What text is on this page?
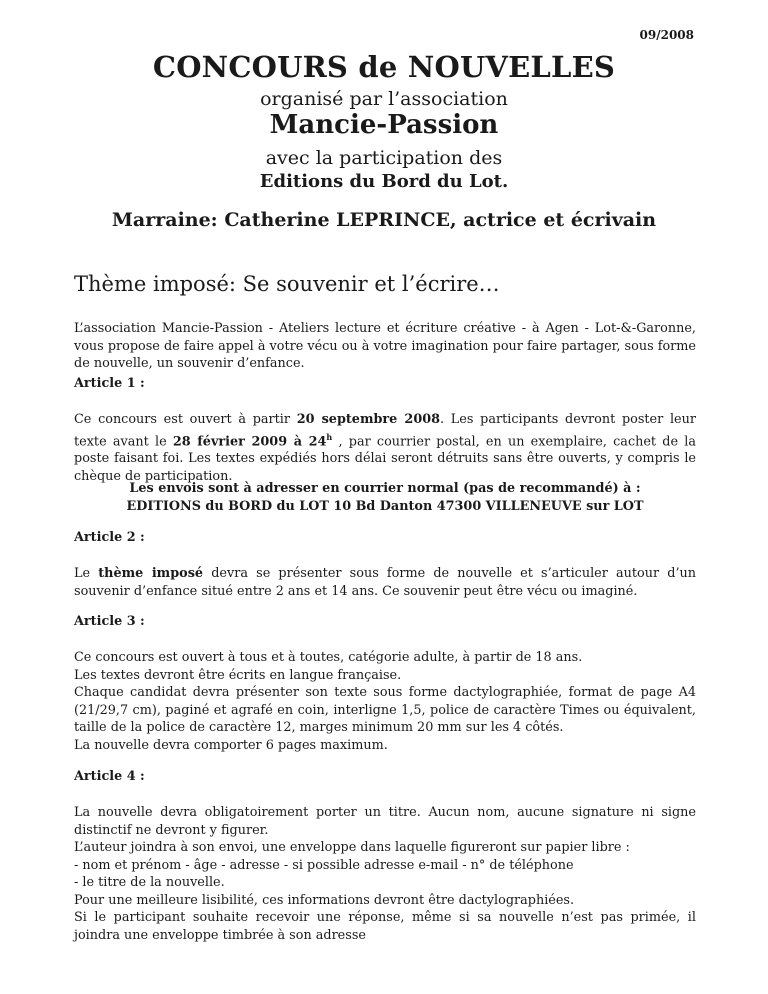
09/2008
CONCOURS de NOUVELLES
organisé par l’association
Mancie-Passion
avec la participation des
Editions du Bord du Lot.
Marraine: Catherine LEPRINCE, actrice et écrivain
Thème imposé: Se souvenir et l’écrire…
L’association Mancie-Passion - Ateliers lecture et écriture créative - à Agen - Lot-&-Garonne, vous propose de faire appel à votre vécu ou à votre imagination pour faire partager, sous forme de nouvelle, un souvenir d’enfance.
Article 1 :
Ce concours est ouvert à partir 20 septembre 2008. Les participants devront poster leur texte avant le 28 février 2009 à 24$^h$ , par courrier postal, en un exemplaire, cachet de la poste faisant foi. Les textes expédiés hors délai seront détruits sans être ouverts, y compris le chèque de participation.
Les envois sont à adresser en courrier normal (pas de recommandé) à :
EDITIONS du BORD du LOT 10 Bd Danton 47300 VILLENEUVE sur LOT
Article 2 :
Le thème imposé devra se présenter sous forme de nouvelle et s’articuler autour d’un souvenir d’enfance situé entre 2 ans et 14 ans. Ce souvenir peut être vécu ou imaginé.
Article 3 :
Ce concours est ouvert à tous et à toutes, catégorie adulte, à partir de 18 ans.
Les textes devront être écrits en langue française.
Chaque candidat devra présenter son texte sous forme dactylographiée, format de page A4 (21/29,7 cm), paginé et agrafé en coin, interligne 1,5, police de caractère Times ou équivalent, taille de la police de caractère 12, marges minimum 20 mm sur les 4 côtés.
La nouvelle devra comporter 6 pages maximum.
Article 4 :
La nouvelle devra obligatoirement porter un titre. Aucun nom, aucune signature ni signe distinctif ne devront y figurer.
L’auteur joindra à son envoi, une enveloppe dans laquelle figureront sur papier libre :
- nom et prénom - âge - adresse - si possible adresse e-mail - n° de téléphone
- le titre de la nouvelle.
Pour une meilleure lisibilité, ces informations devront être dactylographiées.
Si le participant souhaite recevoir une réponse, même si sa nouvelle n’est pas primée, il joindra une enveloppe timbrée à son adresse
